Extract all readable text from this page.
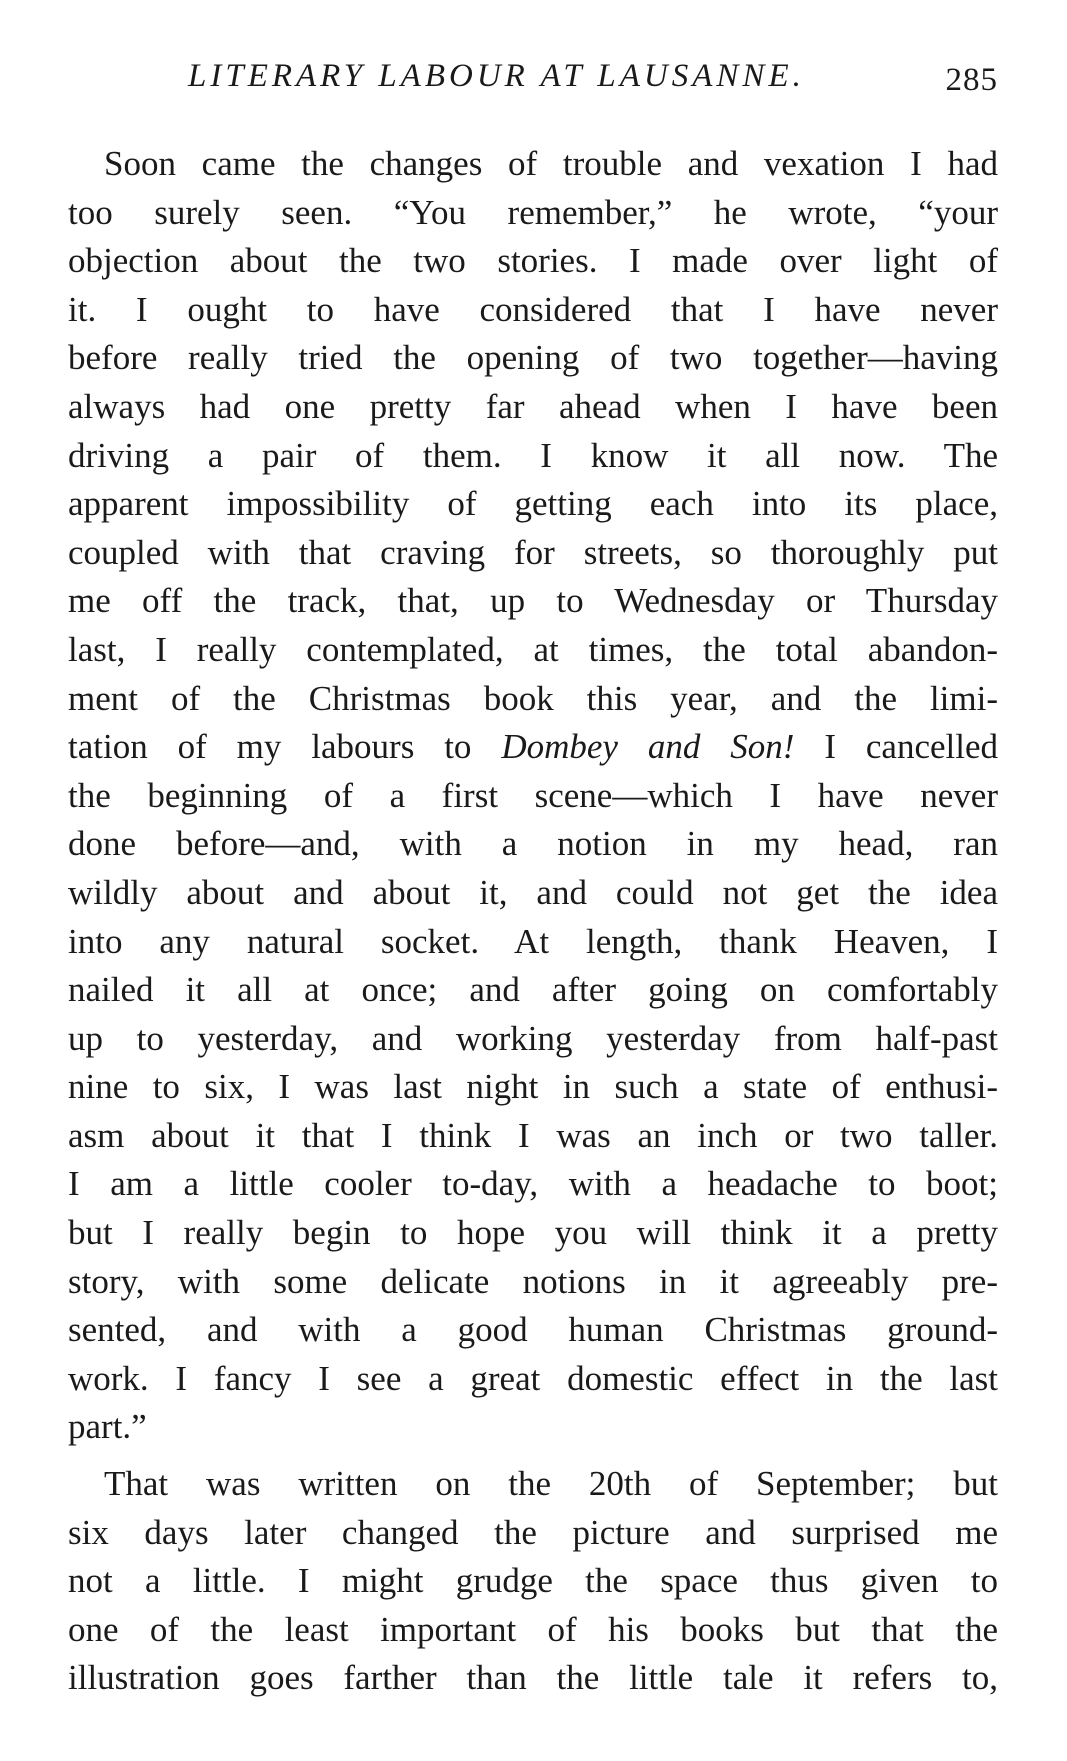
LITERARY LABOUR AT LAUSANNE.	285
Soon came the changes of trouble and vexation I had
too surely seen. “You remember,” he wrote, “your
objection about the two stories. I made over light of
it. I ought to have considered that I have never
before really tried the opening of two together—having
always had one pretty far ahead when I have been
driving a pair of them. I know it all now. The
apparent impossibility of getting each into its place,
coupled with that craving for streets, so thoroughly put
me off the track, that, up to Wednesday or Thursday
last, I really contemplated, at times, the total abandon-
ment of the Christmas book this year, and the limi-
tation of my labours to Dombey and Son! I cancelled
the beginning of a first scene—which I have never
done before—and, with a notion in my head, ran
wildly about and about it, and could not get the idea
into any natural socket. At length, thank Heaven, I
nailed it all at once; and after going on comfortably
up to yesterday, and working yesterday from half-past
nine to six, I was last night in such a state of enthusi-
asm about it that I think I was an inch or two taller.
I am a little cooler to-day, with a headache to boot;
but I really begin to hope you will think it a pretty
story, with some delicate notions in it agreeably pre-
sented, and with a good human Christmas ground-
work. I fancy I see a great domestic effect in the last
part.”
That was written on the 20th of September; but
six days later changed the picture and surprised me
not a little. I might grudge the space thus given to
one of the least important of his books but that the
illustration goes farther than the little tale it refers to,
